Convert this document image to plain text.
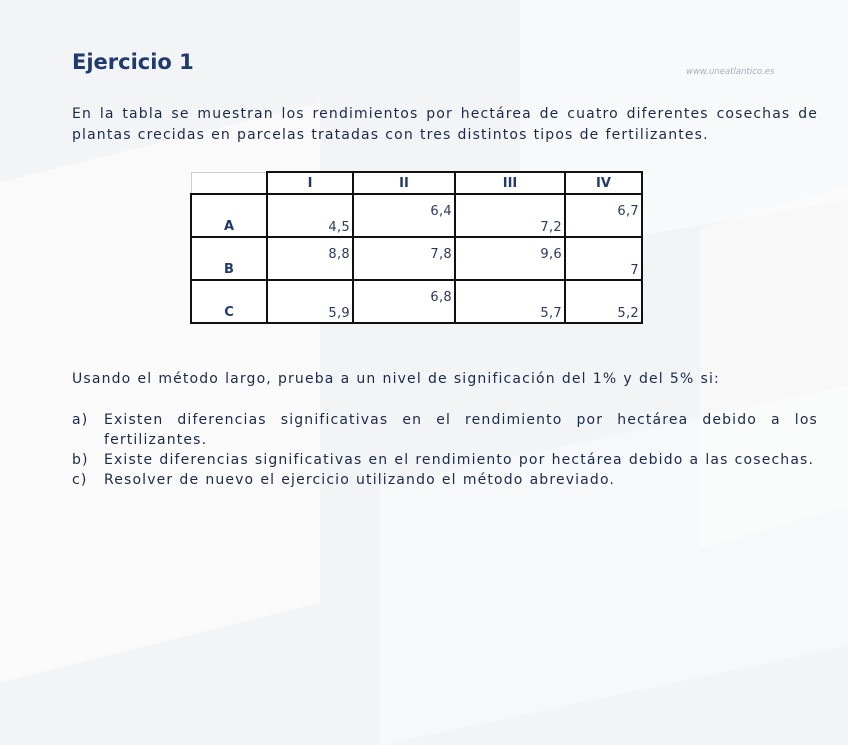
Ejercicio 1	www.uneatlantico.es
En la tabla se muestran los rendimientos por hectárea de cuatro diferentes cosechas de plantas crecidas en parcelas tratadas con tres distintos tipos de fertilizantes.
	I	II	III	IV
A	4,5	6,4	7,2	6,7
B	8,8	7,8	9,6	7
C	5,9	6,8	5,7	5,2
Usando el método largo, prueba a un nivel de significación del 1% y del 5% si:
a)	Existen diferencias significativas en el rendimiento por hectárea debido a los fertilizantes.
b)	Existe diferencias significativas en el rendimiento por hectárea debido a las cosechas.
c)	Resolver de nuevo el ejercicio utilizando el método abreviado.
